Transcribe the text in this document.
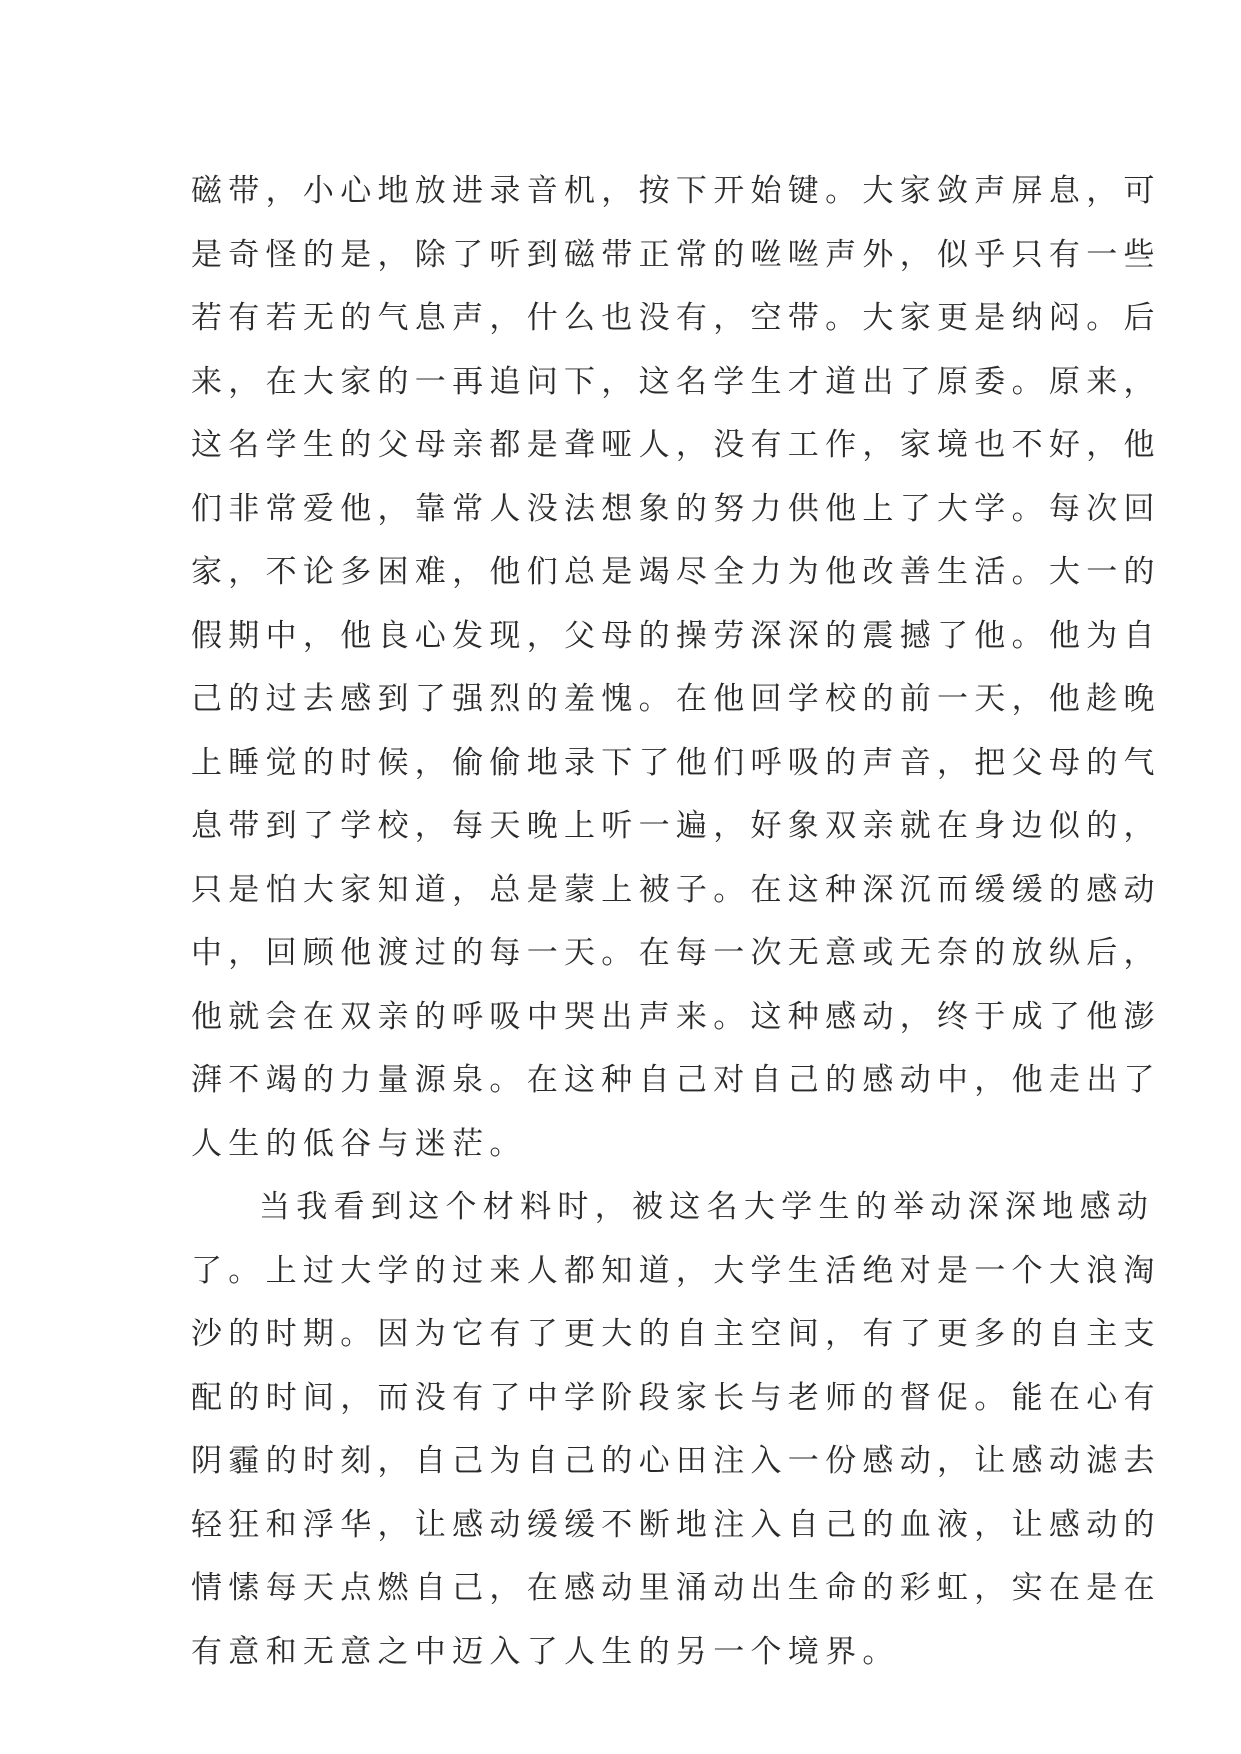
磁带，小心地放进录音机，按下开始键。大家敛声屏息，可
是奇怪的是，除了听到磁带正常的咝咝声外，似乎只有一些
若有若无的气息声，什么也没有，空带。大家更是纳闷。后
来，在大家的一再追问下，这名学生才道出了原委。原来，
这名学生的父母亲都是聋哑人，没有工作，家境也不好，他
们非常爱他，靠常人没法想象的努力供他上了大学。每次回
家，不论多困难，他们总是竭尽全力为他改善生活。大一的
假期中，他良心发现，父母的操劳深深的震撼了他。他为自
己的过去感到了强烈的羞愧。在他回学校的前一天，他趁晚
上睡觉的时候，偷偷地录下了他们呼吸的声音，把父母的气
息带到了学校，每天晚上听一遍，好象双亲就在身边似的，
只是怕大家知道，总是蒙上被子。在这种深沉而缓缓的感动
中，回顾他渡过的每一天。在每一次无意或无奈的放纵后，
他就会在双亲的呼吸中哭出声来。这种感动，终于成了他澎
湃不竭的力量源泉。在这种自己对自己的感动中，他走出了
人生的低谷与迷茫。
当我看到这个材料时，被这名大学生的举动深深地感动
了。上过大学的过来人都知道，大学生活绝对是一个大浪淘
沙的时期。因为它有了更大的自主空间，有了更多的自主支
配的时间，而没有了中学阶段家长与老师的督促。能在心有
阴霾的时刻，自己为自己的心田注入一份感动，让感动滤去
轻狂和浮华，让感动缓缓不断地注入自己的血液，让感动的
情愫每天点燃自己，在感动里涌动出生命的彩虹，实在是在
有意和无意之中迈入了人生的另一个境界。
